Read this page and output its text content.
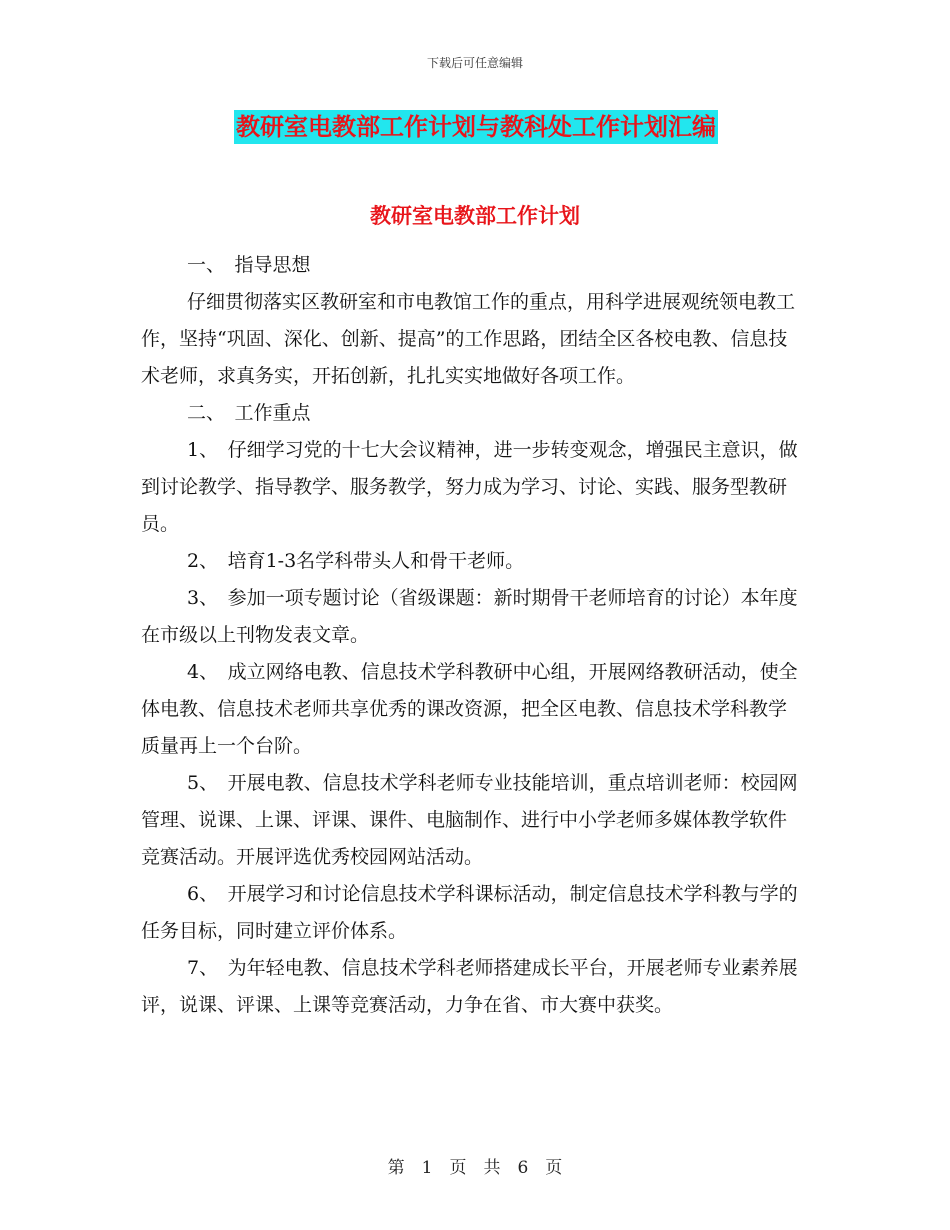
下载后可任意编辑
教研室电教部工作计划与教科处工作计划汇编
教研室电教部工作计划

一、　指导思想

仔细贯彻落实区教研室和市电教馆工作的重点，用科学进展观统领电教工作，坚持“巩固、深化、创新、提高”的工作思路，团结全区各校电教、信息技术老师，求真务实，开拓创新，扎扎实实地做好各项工作。

二、　工作重点

1、　仔细学习党的十七大会议精神，进一步转变观念，增强民主意识，做到讨论教学、指导教学、服务教学，努力成为学习、讨论、实践、服务型教研员。

2、　培育1-3名学科带头人和骨干老师。

3、　参加一项专题讨论（省级课题：新时期骨干老师培育的讨论）本年度在市级以上刊物发表文章。

4、　成立网络电教、信息技术学科教研中心组，开展网络教研活动，使全体电教、信息技术老师共享优秀的课改资源，把全区电教、信息技术学科教学质量再上一个台阶。

5、　开展电教、信息技术学科老师专业技能培训，重点培训老师：校园网管理、说课、上课、评课、课件、电脑制作、进行中小学老师多媒体教学软件竞赛活动。开展评选优秀校园网站活动。

6、　开展学习和讨论信息技术学科课标活动，制定信息技术学科教与学的任务目标，同时建立评价体系。

7、　为年轻电教、信息技术学科老师搭建成长平台，开展老师专业素养展评，说课、评课、上课等竞赛活动，力争在省、市大赛中获奖。

第　1　页　共　6　页
